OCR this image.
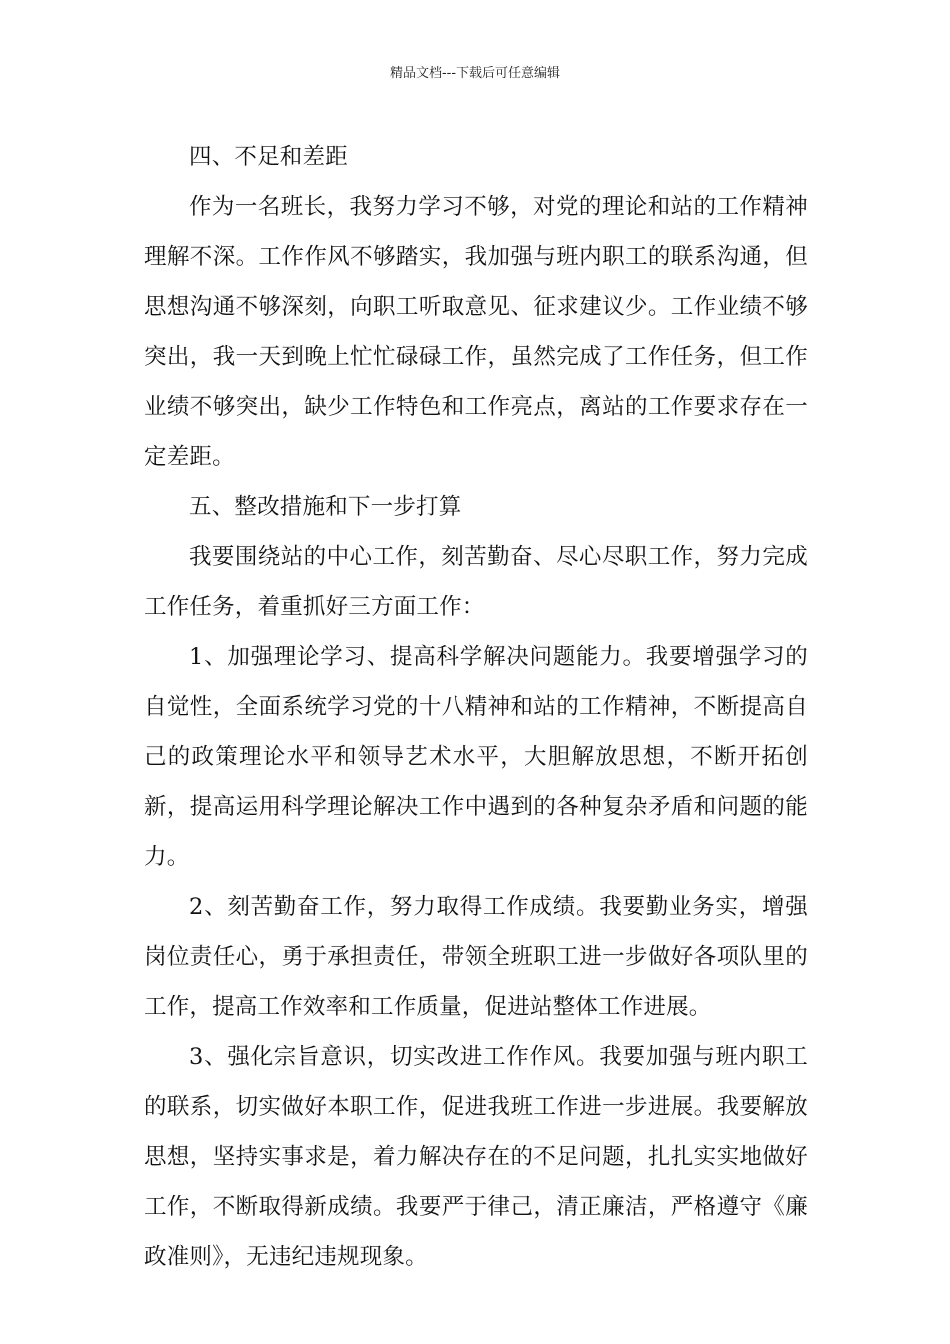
精品文档---下载后可任意编辑

四、不足和差距

作为一名班长，我努力学习不够，对党的理论和站的工作精神理解不深。工作作风不够踏实，我加强与班内职工的联系沟通，但思想沟通不够深刻，向职工听取意见、征求建议少。工作业绩不够突出，我一天到晚上忙忙碌碌工作，虽然完成了工作任务，但工作业绩不够突出，缺少工作特色和工作亮点，离站的工作要求存在一定差距。

五、整改措施和下一步打算

我要围绕站的中心工作，刻苦勤奋、尽心尽职工作，努力完成工作任务，着重抓好三方面工作：

1、加强理论学习、提高科学解决问题能力。我要增强学习的自觉性，全面系统学习党的十八精神和站的工作精神，不断提高自己的政策理论水平和领导艺术水平，大胆解放思想，不断开拓创新，提高运用科学理论解决工作中遇到的各种复杂矛盾和问题的能力。

2、刻苦勤奋工作，努力取得工作成绩。我要勤业务实，增强岗位责任心，勇于承担责任，带领全班职工进一步做好各项队里的工作，提高工作效率和工作质量，促进站整体工作进展。

3、强化宗旨意识，切实改进工作作风。我要加强与班内职工的联系，切实做好本职工作，促进我班工作进一步进展。我要解放思想，坚持实事求是，着力解决存在的不足问题，扎扎实实地做好工作，不断取得新成绩。我要严于律己，清正廉洁，严格遵守《廉政准则》，无违纪违规现象。
